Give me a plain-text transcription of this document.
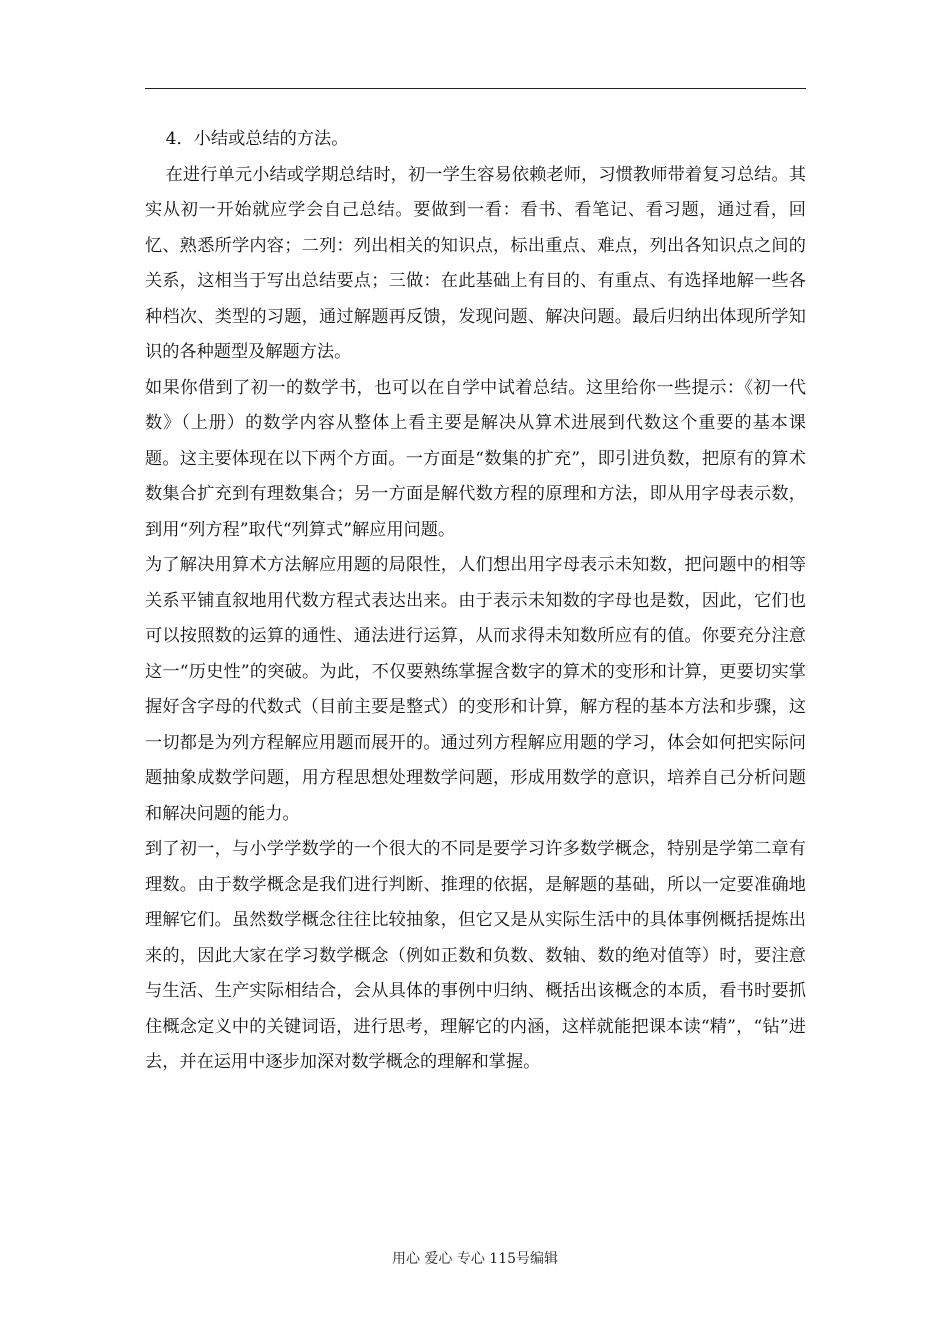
4．小结或总结的方法。

在进行单元小结或学期总结时，初一学生容易依赖老师，习惯教师带着复习总结。其实从初一开始就应学会自己总结。要做到一看：看书、看笔记、看习题，通过看，回忆、熟悉所学内容；二列：列出相关的知识点，标出重点、难点，列出各知识点之间的关系，这相当于写出总结要点；三做：在此基础上有目的、有重点、有选择地解一些各种档次、类型的习题，通过解题再反馈，发现问题、解决问题。最后归纳出体现所学知识的各种题型及解题方法。

如果你借到了初一的数学书，也可以在自学中试着总结。这里给你一些提示：《初一代数》（上册）的数学内容从整体上看主要是解决从算术进展到代数这个重要的基本课题。这主要体现在以下两个方面。一方面是“数集的扩充”，即引进负数，把原有的算术数集合扩充到有理数集合；另一方面是解代数方程的原理和方法，即从用字母表示数，到用“列方程”取代“列算式”解应用问题。

为了解决用算术方法解应用题的局限性，人们想出用字母表示未知数，把问题中的相等关系平铺直叙地用代数方程式表达出来。由于表示未知数的字母也是数，因此，它们也可以按照数的运算的通性、通法进行运算，从而求得未知数所应有的值。你要充分注意这一“历史性”的突破。为此，不仅要熟练掌握含数字的算术的变形和计算，更要切实掌握好含字母的代数式（目前主要是整式）的变形和计算，解方程的基本方法和步骤，这一切都是为列方程解应用题而展开的。通过列方程解应用题的学习，体会如何把实际问题抽象成数学问题，用方程思想处理数学问题，形成用数学的意识，培养自己分析问题和解决问题的能力。

到了初一，与小学学数学的一个很大的不同是要学习许多数学概念，特别是学第二章有理数。由于数学概念是我们进行判断、推理的依据，是解题的基础，所以一定要准确地理解它们。虽然数学概念往往比较抽象，但它又是从实际生活中的具体事例概括提炼出来的，因此大家在学习数学概念（例如正数和负数、数轴、数的绝对值等）时，要注意与生活、生产实际相结合，会从具体的事例中归纳、概括出该概念的本质，看书时要抓住概念定义中的关键词语，进行思考，理解它的内涵，这样就能把课本读“精”，“钻”进去，并在运用中逐步加深对数学概念的理解和掌握。

用心 爱心 专心 115号编辑
